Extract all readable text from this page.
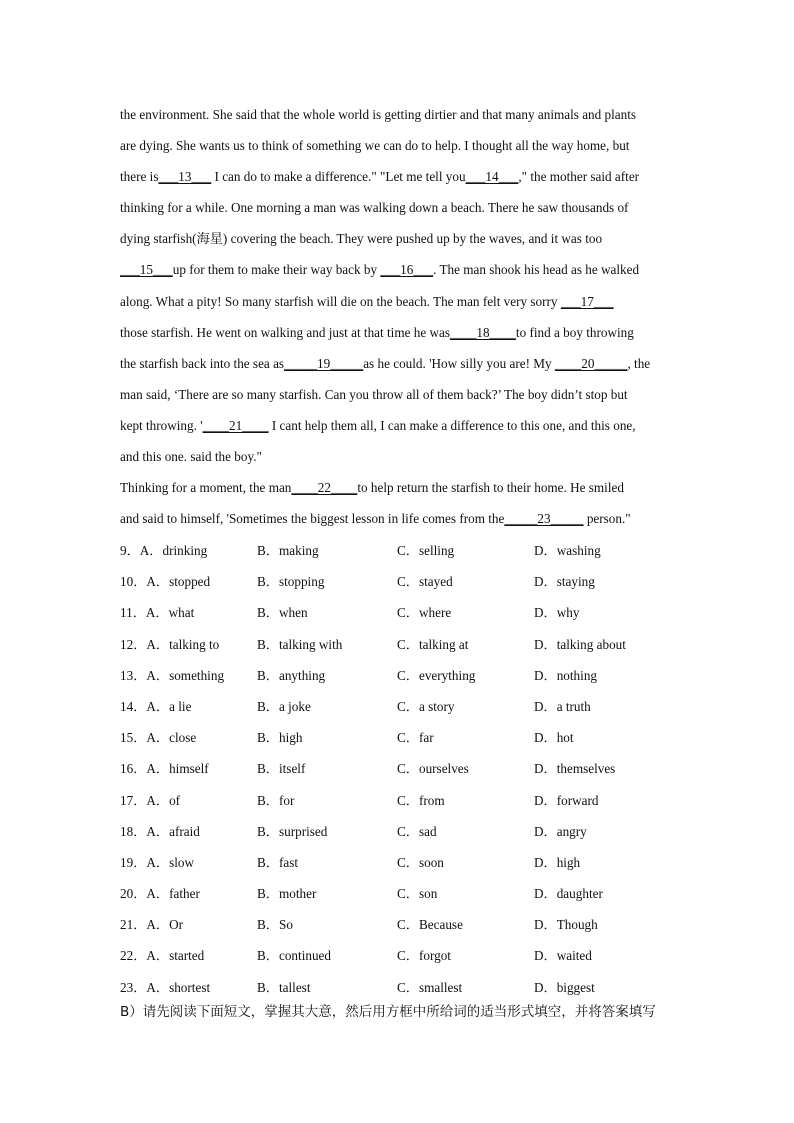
the environment. She said that the whole world is getting dirtier and that many animals and plants
are dying. She wants us to think of something we can do to help. I thought all the way home, but
there is___13___ I can do to make a difference." "Let me tell you___14___," the mother said after
thinking for a while. One morning a man was walking down a beach. There he saw thousands of
dying starfish(海星) covering the beach. They were pushed up by the waves, and it was too
___15___up for them to make their way back by ___16___. The man shook his head as he walked
along. What a pity! So many starfish will die on the beach. The man felt very sorry ___17___
those starfish. He went on walking and just at that time he was____18____to find a boy throwing
the starfish back into the sea as_____19_____as he could. 'How silly you are! My ____20_____, the
man said, ‘There are so many starfish. Can you throw all of them back?’ The boy didn’t stop but
kept throwing. '____21____ I cant help them all, I can make a difference to this one, and this one,
and this one. said the boy."
Thinking for a moment, the man____22____to help return the starfish to their home. He smiled
and said to himself, 'Sometimes the biggest lesson in life comes from the_____23_____ person."
9．A．drinking	B．making	C．selling	D．washing
10．A．stopped	B．stopping	C．stayed	D．staying
11．A．what	B．when	C．where	D．why
12．A．talking to	B．talking with	C．talking at	D．talking about
13．A．something B．anything	C．everything	D．nothing
14．A．a lie	B．a joke	C．a story	D．a truth
15．A．close	B．high	C．far	D．hot
16．A．himself	B．itself	C．ourselves	D．themselves
17．A．of	B．for	C．from	D．forward
18．A．afraid	B．surprised	C．sad	D．angry
19．A．slow	B．fast	C．soon	D．high
20．A．father	B．mother	C．son	D．daughter
21．A．Or	B．So	C．Because	D．Though
22．A．started	B．continued	C．forgot	D．waited
23．A．shortest	B．tallest	C．smallest	D．biggest
B）请先阅读下面短文，掌握其大意，然后用方框中所给词的适当形式填空，并将答案填写
